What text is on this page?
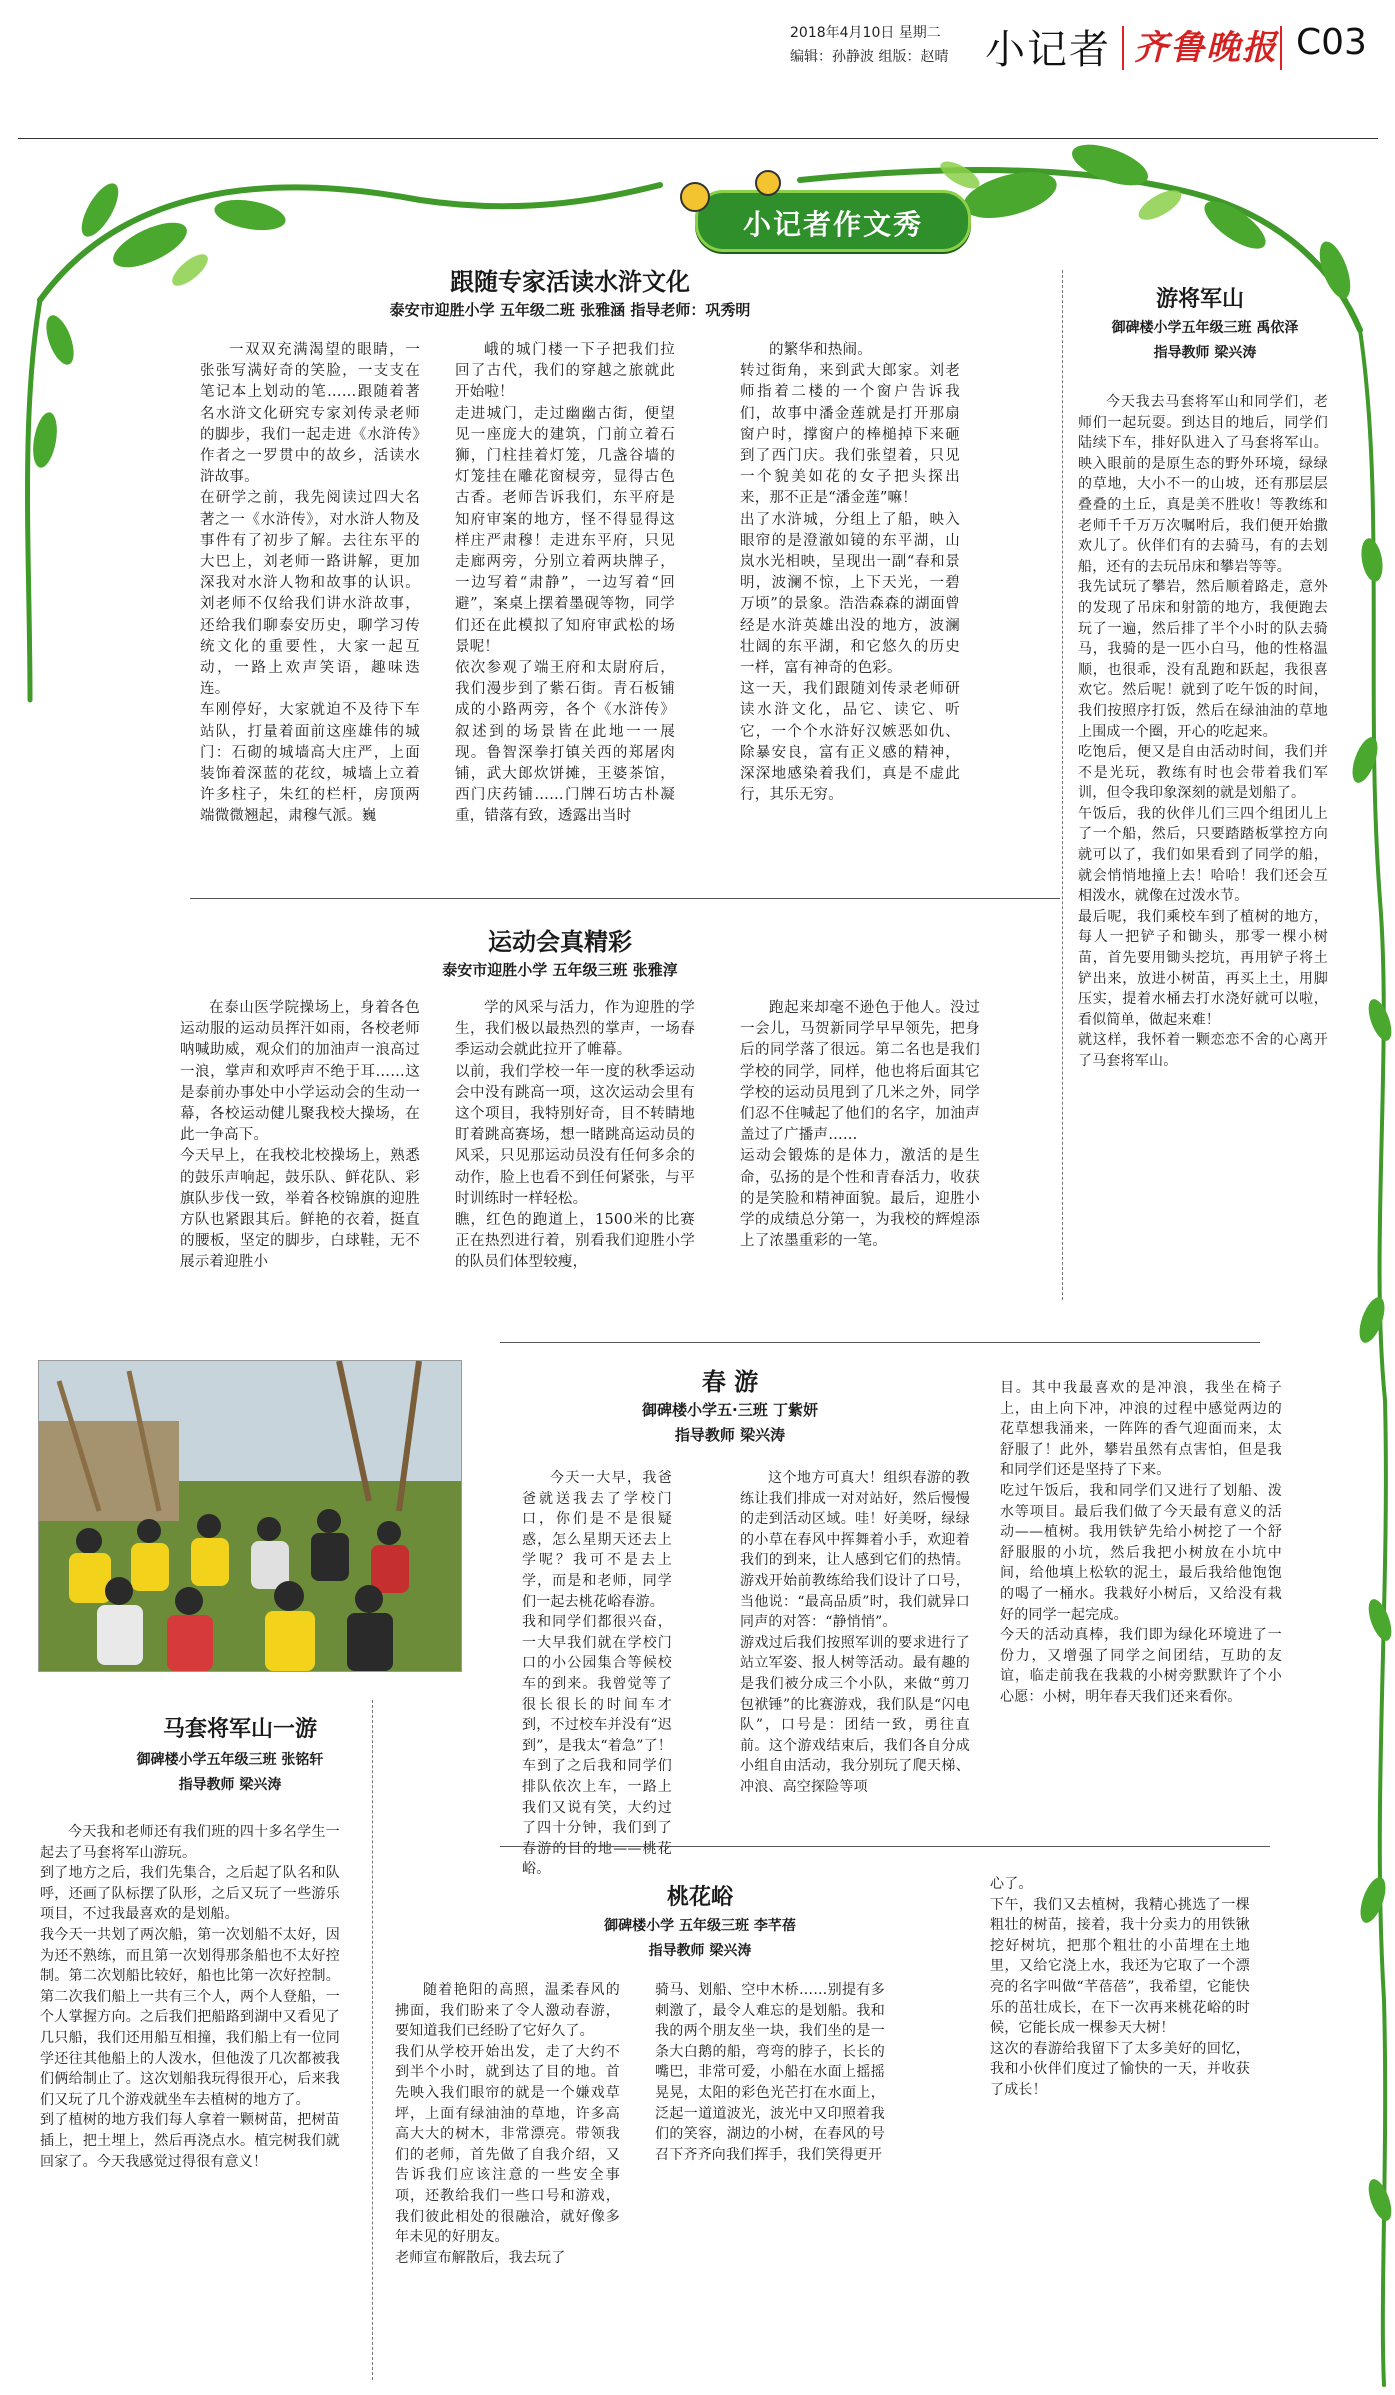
2018年4月10日 星期二
编辑：孙静波 组版：赵晴 小记者 齐鲁晚报 C03
小记者作文秀
跟随专家活读水浒文化
泰安市迎胜小学 五年级二班 张雅涵 指导老师：巩秀明
一双双充满渴望的眼睛，一张张写满好奇的笑脸，一支支在笔记本上划动的笔……跟随着著名水浒文化研究专家刘传录老师的脚步，我们一起走进《水浒传》作者之一罗贯中的故乡，活读水浒故事。
在研学之前，我先阅读过四大名著之一《水浒传》，对水浒人物及事件有了初步了解。去往东平的大巴上，刘老师一路讲解，更加深我对水浒人物和故事的认识。刘老师不仅给我们讲水浒故事，还给我们聊泰安历史，聊学习传统文化的重要性，大家一起互动，一路上欢声笑语，趣味迭连。
车刚停好，大家就迫不及待下车站队，打量着面前这座雄伟的城门：石砌的城墙高大庄严，上面装饰着深蓝的花纹，城墙上立着许多柱子，朱红的栏杆，房顶两端微微翘起，肃穆气派。巍
峨的城门楼一下子把我们拉回了古代，我们的穿越之旅就此开始啦！
走进城门，走过幽幽古街，便望见一座庞大的建筑，门前立着石狮，门柱挂着灯笼，几盏谷墙的灯笼挂在雕花窗棂旁，显得古色古香。老师告诉我们，东平府是知府审案的地方，怪不得显得这样庄严肃穆！走进东平府，只见走廊两旁，分别立着两块牌子，一边写着“肃静”，一边写着“回避”，案桌上摆着墨砚等物，同学们还在此模拟了知府审武松的场景呢！
依次参观了端王府和太尉府后，我们漫步到了紫石街。青石板铺成的小路两旁，各个《水浒传》叙述到的场景皆在此地一一展现。鲁智深拳打镇关西的郑屠肉铺，武大郎炊饼摊，王婆茶馆，西门庆药铺……门牌石坊古朴凝重，错落有致，透露出当时
的繁华和热闹。
转过街角，来到武大郎家。刘老师指着二楼的一个窗户告诉我们，故事中潘金莲就是打开那扇窗户时，撑窗户的棒槌掉下来砸到了西门庆。我们张望着，只见一个貌美如花的女子把头探出来，那不正是“潘金莲”嘛！
出了水浒城，分组上了船，映入眼帘的是澄澈如镜的东平湖，山岚水光相映，呈现出一副“春和景明，波澜不惊，上下天光，一碧万顷”的景象。浩浩森森的湖面曾经是水浒英雄出没的地方，波澜壮阔的东平湖，和它悠久的历史一样，富有神奇的色彩。
这一天，我们跟随刘传录老师研读水浒文化，品它、读它、听它，一个个水浒好汉嫉恶如仇、除暴安良，富有正义感的精神，深深地感染着我们，真是不虚此行，其乐无穷。
游将军山
御碑楼小学五年级三班 禹依泽
指导教师 梁兴涛
今天我去马套将军山和同学们，老师们一起玩耍。到达目的地后，同学们陆续下车，排好队进入了马套将军山。映入眼前的是原生态的野外环境，绿绿的草地，大小不一的山坡，还有那层层叠叠的土丘，真是美不胜收！等教练和老师千千万万次嘱咐后，我们便开始撒欢儿了。伙伴们有的去骑马，有的去划船，还有的去玩吊床和攀岩等等。
我先试玩了攀岩，然后顺着路走，意外的发现了吊床和射箭的地方，我便跑去玩了一遍，然后排了半个小时的队去骑马，我骑的是一匹小白马，他的性格温顺，也很乖，没有乱跑和跃起，我很喜欢它。然后呢！就到了吃午饭的时间，我们按照序打饭，然后在绿油油的草地上围成一个圈，开心的吃起来。
吃饱后，便又是自由活动时间，我们并不是光玩，教练有时也会带着我们军训，但令我印象深刻的就是划船了。
午饭后，我的伙伴儿们三四个组团儿上了一个船，然后，只要踏踏板掌控方向就可以了，我们如果看到了同学的船，就会悄悄地撞上去！哈哈！我们还会互相泼水，就像在过泼水节。
最后呢，我们乘校车到了植树的地方，每人一把铲子和锄头，那零一棵小树苗，首先要用锄头挖坑，再用铲子将土铲出来，放进小树苗，再买上土，用脚压实，提着水桶去打水浇好就可以啦，看似简单，做起来难！
就这样，我怀着一颗恋恋不舍的心离开了马套将军山。
运动会真精彩
泰安市迎胜小学 五年级三班 张雅淳
在泰山医学院操场上，身着各色运动服的运动员挥汗如雨，各校老师呐喊助威，观众们的加油声一浪高过一浪，掌声和欢呼声不绝于耳……这是泰前办事处中小学运动会的生动一幕，各校运动健儿聚我校大操场，在此一争高下。
今天早上，在我校北校操场上，熟悉的鼓乐声响起，鼓乐队、鲜花队、彩旗队步伐一致，举着各校锦旗的迎胜方队也紧跟其后。鲜艳的衣着，挺直的腰板，坚定的脚步，白球鞋，无不展示着迎胜小
学的风采与活力，作为迎胜的学生，我们极以最热烈的掌声，一场春季运动会就此拉开了帷幕。
以前，我们学校一年一度的秋季运动会中没有跳高一项，这次运动会里有这个项目，我特别好奇，目不转睛地盯着跳高赛场，想一睹跳高运动员的风采，只见那运动员没有任何多余的动作，脸上也看不到任何紧张，与平时训练时一样轻松。
瞧，红色的跑道上，1500米的比赛正在热烈进行着，别看我们迎胜小学的队员们体型较瘦，
跑起来却毫不逊色于他人。没过一会儿，马贺新同学早早领先，把身后的同学落了很远。第二名也是我们学校的同学，同样，他也将后面其它学校的运动员甩到了几米之外，同学们忍不住喊起了他们的名字，加油声盖过了广播声……
运动会锻炼的是体力，激活的是生命，弘扬的是个性和青春活力，收获的是笑脸和精神面貌。最后，迎胜小学的成绩总分第一，为我校的辉煌添上了浓墨重彩的一笔。
春 游
御碑楼小学五·三班 丁紫妍
指导教师 梁兴涛
今天一大早，我爸爸就送我去了学校门口，你们是不是很疑惑，怎么星期天还去上学呢？我可不是去上学，而是和老师，同学们一起去桃花峪春游。
我和同学们都很兴奋，一大早我们就在学校门口的小公园集合等候校车的到来。我曾觉等了很长很长的时间车才到，不过校车并没有“迟到”，是我太“着急”了！车到了之后我和同学们排队依次上车，一路上我们又说有笑，大约过了四十分钟，我们到了春游的目的地——桃花峪。
这个地方可真大！组织春游的教练让我们排成一对对站好，然后慢慢的走到活动区域。哇！好美呀，绿绿的小草在春风中挥舞着小手，欢迎着我们的到来，让人感到它们的热情。游戏开始前教练给我们设计了口号，当他说：“最高品质”时，我们就异口同声的对答：“静悄悄”。
游戏过后我们按照军训的要求进行了站立军姿、报人树等活动。最有趣的是我们被分成三个小队，来做“剪刀包袱锤”的比赛游戏，我们队是“闪电队”，口号是：团结一致，勇往直前。这个游戏结束后，我们各自分成小组自由活动，我分别玩了爬天梯、冲浪、高空探险等项
目。其中我最喜欢的是冲浪，我坐在椅子上，由上向下冲，冲浪的过程中感觉两边的花草想我涌来，一阵阵的香气迎面而来，太舒服了！此外，攀岩虽然有点害怕，但是我和同学们还是坚持了下来。
吃过午饭后，我和同学们又进行了划船、泼水等项目。最后我们做了今天最有意义的活动——植树。我用铁铲先给小树挖了一个舒舒服服的小坑，然后我把小树放在小坑中间，给他填上松软的泥土，最后我给他饱饱的喝了一桶水。我栽好小树后，又给没有栽好的同学一起完成。
今天的活动真棒，我们即为绿化环境进了一份力，又增强了同学之间团结，互助的友谊，临走前我在我栽的小树旁默默许了个小心愿：小树，明年春天我们还来看你。
马套将军山一游
御碑楼小学五年级三班 张铭轩
指导教师 梁兴涛
今天我和老师还有我们班的四十多名学生一起去了马套将军山游玩。
到了地方之后，我们先集合，之后起了队名和队呼，还画了队标摆了队形，之后又玩了一些游乐项目，不过我最喜欢的是划船。
我今天一共划了两次船，第一次划船不太好，因为还不熟练，而且第一次划得那条船也不太好控制。第二次划船比较好，船也比第一次好控制。第二次我们船上一共有三个人，两个人登船，一个人掌握方向。之后我们把船路到湖中又看见了几只船，我们还用船互相撞，我们船上有一位同学还往其他船上的人泼水，但他泼了几次都被我们俩给制止了。这次划船我玩得很开心，后来我们又玩了几个游戏就坐车去植树的地方了。
到了植树的地方我们每人拿着一颗树苗，把树苗插上，把土埋上，然后再浇点水。植完树我们就回家了。今天我感觉过得很有意义！
桃花峪
御碑楼小学 五年级三班 李芊蓓
指导教师 梁兴涛
随着艳阳的高照，温柔春风的拂面，我们盼来了令人激动春游，要知道我们已经盼了它好久了。
我们从学校开始出发，走了大约不到半个小时，就到达了目的地。首先映入我们眼帘的就是一个嫌戏草坪，上面有绿油油的草地，许多高高大大的树木，非常漂亮。带领我们的老师，首先做了自我介绍，又告诉我们应该注意的一些安全事项，还教给我们一些口号和游戏，我们彼此相处的很融洽，就好像多年未见的好朋友。
老师宣布解散后，我去玩了
骑马、划船、空中木桥……别提有多刺激了，最令人难忘的是划船。我和我的两个朋友坐一块，我们坐的是一条大白鹅的船，弯弯的脖子，长长的嘴巴，非常可爱，小船在水面上摇摇晃晃，太阳的彩色光芒打在水面上，泛起一道道波光，波光中又印照着我们的笑容，湖边的小树，在春风的号召下齐齐向我们挥手，我们笑得更开
心了。
下午，我们又去植树，我精心挑选了一棵粗壮的树苗，接着，我十分卖力的用铁锹挖好树坑，把那个粗壮的小苗埋在土地里，又给它浇上水，我还为它取了一个漂亮的名字叫做“芊蓓蓓”，我希望，它能快乐的茁壮成长，在下一次再来桃花峪的时候，它能长成一棵参天大树！
这次的春游给我留下了太多美好的回忆，我和小伙伴们度过了愉快的一天，并收获了成长！
